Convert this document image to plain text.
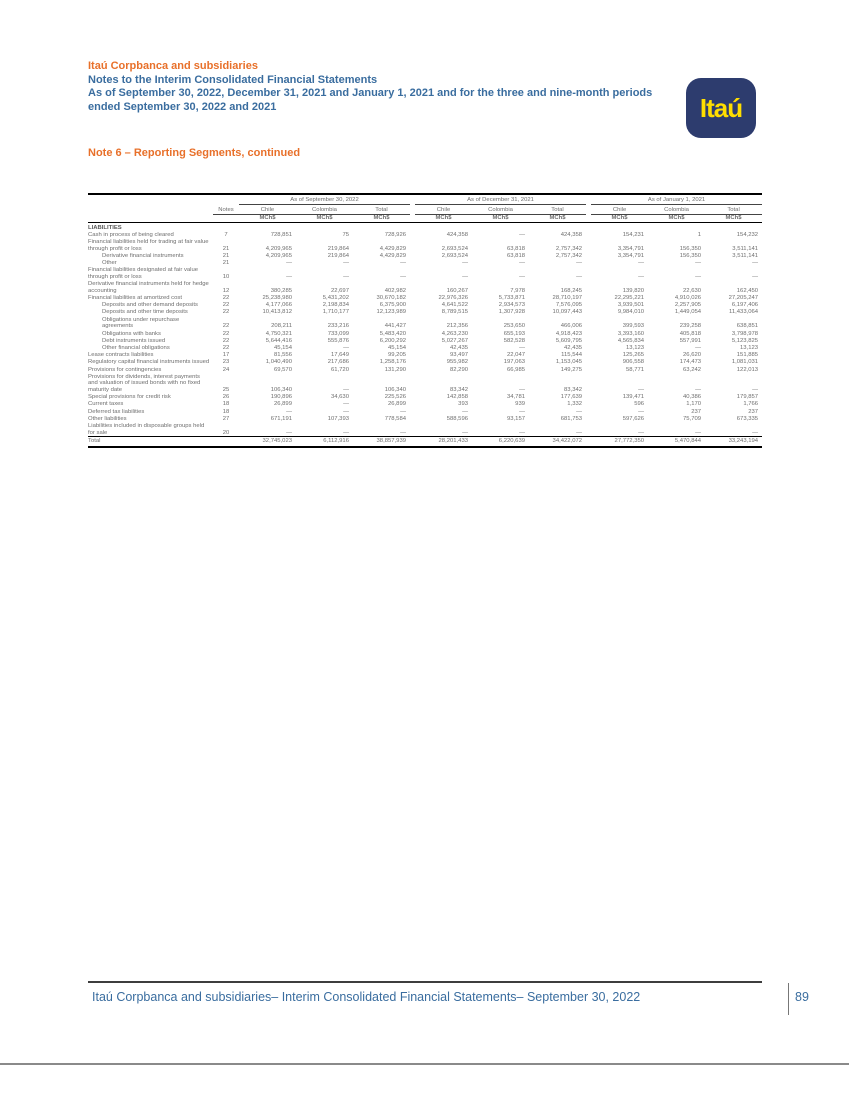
Itaú Corpbanca and subsidiaries
Notes to the Interim Consolidated Financial Statements
As of September 30, 2022, December 31, 2021 and January 1, 2021 and for the three and nine-month periods ended September 30, 2022 and 2021	Itaú
Note 6 – Reporting Segments, continued
		As of September 30, 2022				As of December 31, 2021				As of January 1, 2021		
	Notes	Chile	Colombia	Total		Chile	Colombia	Total		Chile	Colombia	Total
		MCh$	MCh$	MCh$		MCh$	MCh$	MCh$		MCh$	MCh$	MCh$
LIABILITIES												
Cash in process of being cleared	7	728,851	75	728,926		424,358	—	424,358		154,231	1	154,232
Financial liabilities held for trading at fair value through profit or loss	21	4,209,965	219,864	4,429,829		2,693,524	63,818	2,757,342		3,354,791	156,350	3,511,141
Derivative financial instruments	21	4,209,965	219,864	4,429,829		2,693,524	63,818	2,757,342		3,354,791	156,350	3,511,141
Other	21	—	—	—		—	—	—		—	—	—
Financial liabilities designated at fair value through profit or loss	10	—	—	—		—	—	—		—	—	—
Derivative financial instruments held for hedge accounting	12	380,285	22,697	402,982		160,267	7,978	168,245		139,820	22,630	162,450
Financial liabilities at amortized cost	22	25,238,980	5,431,202	30,670,182		22,976,326	5,733,871	28,710,197		22,295,221	4,910,026	27,205,247
Deposits and other demand deposits	22	4,177,066	2,198,834	6,375,900		4,641,522	2,934,573	7,576,095		3,939,501	2,257,905	6,197,406
Deposits and other time deposits	22	10,413,812	1,710,177	12,123,989		8,789,515	1,307,928	10,097,443		9,984,010	1,449,054	11,433,064
Obligations under repurchase agreements	22	208,211	233,216	441,427		212,356	253,650	466,006		399,593	239,258	638,851
Obligations with banks	22	4,750,321	733,099	5,483,420		4,263,230	655,193	4,918,423		3,393,160	405,818	3,798,978
Debt instruments issued	22	5,644,416	555,876	6,200,292		5,027,267	582,528	5,609,795		4,565,834	557,991	5,123,825
Other financial obligations	22	45,154	—	45,154		42,435	—	42,435		13,123	—	13,123
Lease contracts liabilities	17	81,556	17,649	99,205		93,497	22,047	115,544		125,265	26,620	151,885
Regulatory capital financial instruments issued	23	1,040,490	217,686	1,258,176		955,982	197,063	1,153,045		906,558	174,473	1,081,031
Provisions for contingencies	24	69,570	61,720	131,290		82,290	66,985	149,275		58,771	63,242	122,013
Provisions for dividends, interest payments and valuation of issued bonds with no fixed maturity date	25	106,340	—	106,340		83,342	—	83,342		—	—	—
Special provisions for credit risk	26	190,896	34,630	225,526		142,858	34,781	177,639		139,471	40,386	179,857
Current taxes	18	26,899	—	26,899		393	939	1,332		596	1,170	1,766
Deferred tax liabilities	18	—	—	—		—	—	—		—	237	237
Other liabilities	27	671,191	107,393	778,584		588,596	93,157	681,753		597,626	75,709	673,335
Liabilities included in disposable groups held for sale	20	—	—	—		—	—	—		—	—	—
Total		32,745,023	6,112,916	38,857,939		28,201,433	6,220,639	34,422,072		27,772,350	5,470,844	33,243,194
Itaú Corpbanca and subsidiaries– Interim Consolidated Financial Statements– September 30, 2022	89
